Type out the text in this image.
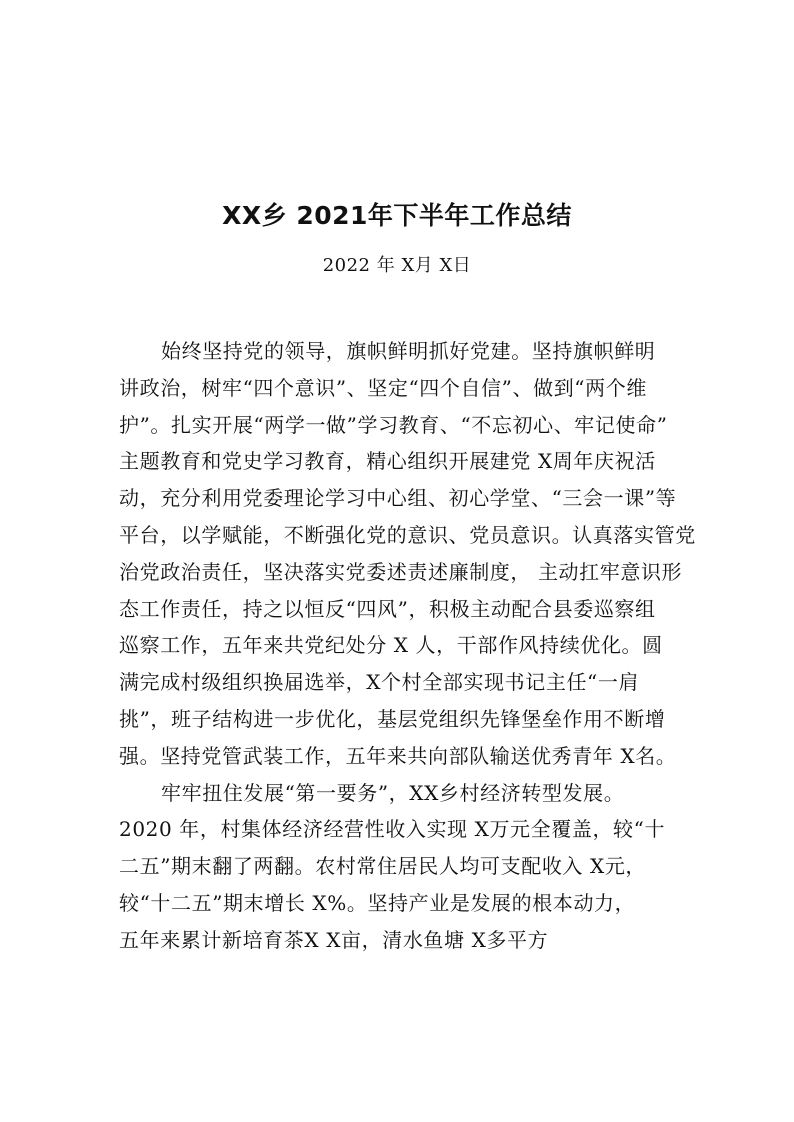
XX乡 2021年下半年工作总结
2022 年 X月 X日
始终坚持党的领导，旗帜鲜明抓好党建。坚持旗帜鲜明
讲政治，树牢“四个意识”、坚定“四个自信”、做到“两个维
护”。扎实开展“两学一做”学习教育、“不忘初心、牢记使命”
主题教育和党史学习教育，精心组织开展建党 X周年庆祝活
动，充分利用党委理论学习中心组、初心学堂、“三会一课”等
平台，以学赋能，不断强化党的意识、党员意识。认真落实管党
治党政治责任，坚决落实党委述责述廉制度， 主动扛牢意识形
态工作责任，持之以恒反“四风”，积极主动配合县委巡察组
巡察工作，五年来共党纪处分 X 人，干部作风持续优化。圆
满完成村级组织换届选举，X个村全部实现书记主任“一肩
挑”，班子结构进一步优化，基层党组织先锋堡垒作用不断增
强。坚持党管武装工作，五年来共向部队输送优秀青年 X名。
牢牢扭住发展“第一要务”，XX乡村经济转型发展。
2020 年，村集体经济经营性收入实现 X万元全覆盖，较“十
二五”期末翻了两翻。农村常住居民人均可支配收入 X元，
较“十二五”期末增长 X%。坚持产业是发展的根本动力，
五年来累计新培育茶X X亩，清水鱼塘 X多平方
